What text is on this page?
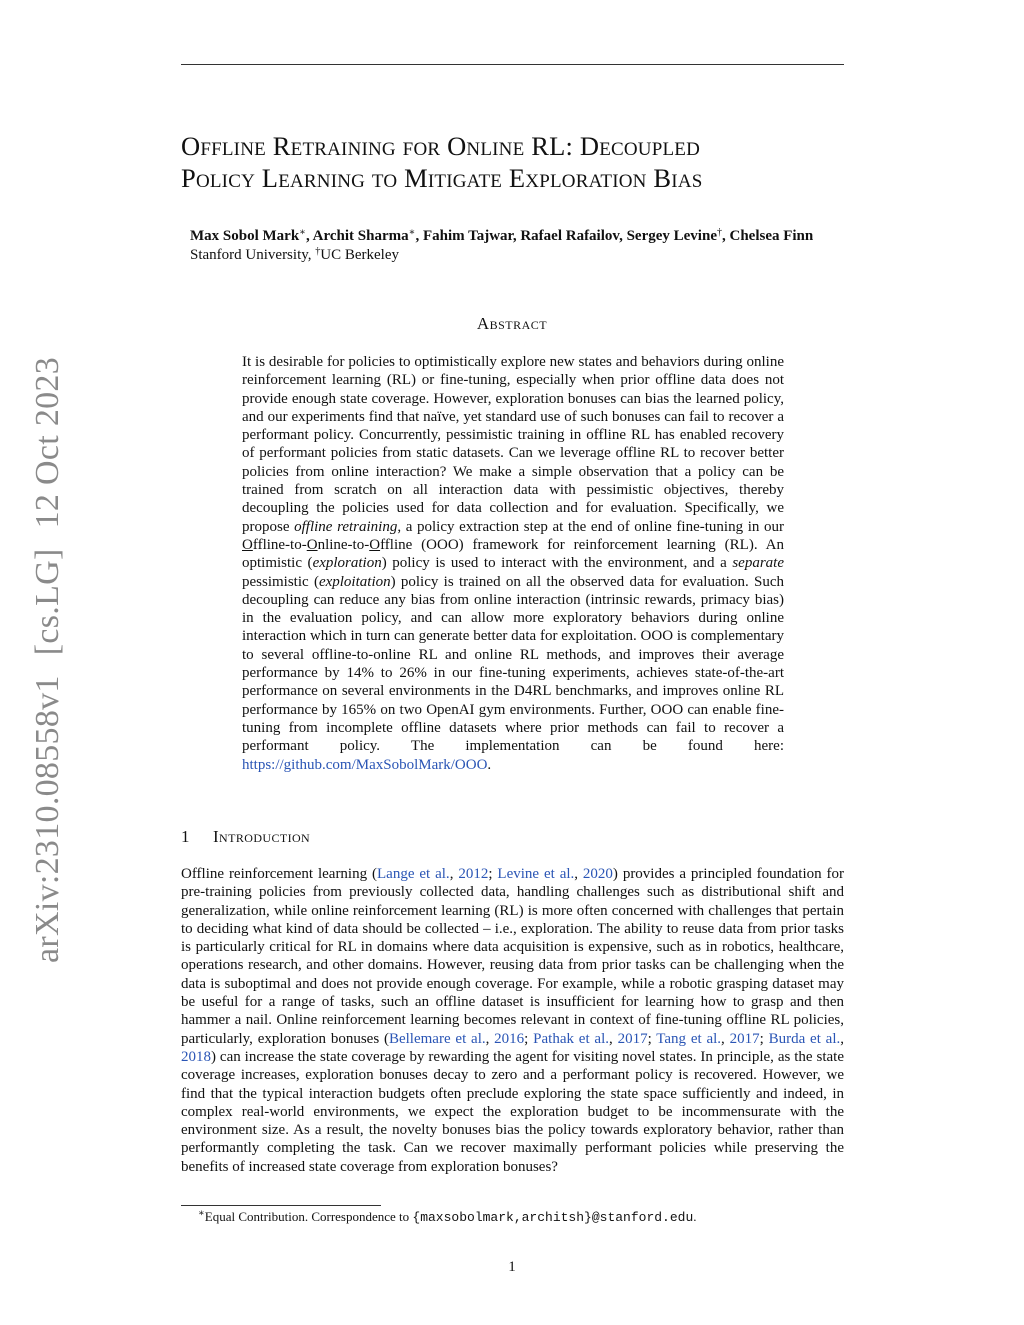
Offline Retraining for Online RL: Decoupled
Policy Learning to Mitigate Exploration Bias
Max Sobol Mark∗, Archit Sharma∗, Fahim Tajwar, Rafael Rafailov, Sergey Levine†, Chelsea Finn
Stanford University, †UC Berkeley
Abstract
It is desirable for policies to optimistically explore new states and behaviors during online reinforcement learning (RL) or fine-tuning, especially when prior offline data does not provide enough state coverage. However, exploration bonuses can bias the learned policy, and our experiments find that naïve, yet standard use of such bonuses can fail to recover a performant policy. Concurrently, pessimistic training in offline RL has enabled recovery of performant policies from static datasets. Can we leverage offline RL to recover better policies from online interaction? We make a simple observation that a policy can be trained from scratch on all interaction data with pessimistic objectives, thereby decoupling the policies used for data collection and for evaluation. Specifically, we propose offline retraining, a policy extraction step at the end of online fine-tuning in our Offline-to-Online-to-Offline (OOO) framework for reinforcement learning (RL). An optimistic (exploration) policy is used to interact with the environment, and a separate pessimistic (exploitation) policy is trained on all the observed data for evaluation. Such decoupling can reduce any bias from online interaction (intrinsic rewards, primacy bias) in the evaluation policy, and can allow more exploratory behaviors during online interaction which in turn can generate better data for exploitation. OOO is complementary to several offline-to-online RL and online RL methods, and improves their average performance by 14% to 26% in our fine-tuning experiments, achieves state-of-the-art performance on several environments in the D4RL benchmarks, and improves online RL performance by 165% on two OpenAI gym environments. Further, OOO can enable fine-tuning from incomplete offline datasets where prior methods can fail to recover a performant policy. The implementation can be found here: https://github.com/MaxSobolMark/OOO.
1 Introduction
Offline reinforcement learning (Lange et al., 2012; Levine et al., 2020) provides a principled foundation for pre-training policies from previously collected data, handling challenges such as distributional shift and generalization, while online reinforcement learning (RL) is more often concerned with challenges that pertain to deciding what kind of data should be collected – i.e., exploration. The ability to reuse data from prior tasks is particularly critical for RL in domains where data acquisition is expensive, such as in robotics, healthcare, operations research, and other domains. However, reusing data from prior tasks can be challenging when the data is suboptimal and does not provide enough coverage. For example, while a robotic grasping dataset may be useful for a range of tasks, such an offline dataset is insufficient for learning how to grasp and then hammer a nail. Online reinforcement learning becomes relevant in context of fine-tuning offline RL policies, particularly, exploration bonuses (Bellemare et al., 2016; Pathak et al., 2017; Tang et al., 2017; Burda et al., 2018) can increase the state coverage by rewarding the agent for visiting novel states. In principle, as the state coverage increases, exploration bonuses decay to zero and a performant policy is recovered. However, we find that the typical interaction budgets often preclude exploring the state space sufficiently and indeed, in complex real-world environments, we expect the exploration budget to be incommensurate with the environment size. As a result, the novelty bonuses bias the policy towards exploratory behavior, rather than performantly completing the task. Can we recover maximally performant policies while preserving the benefits of increased state coverage from exploration bonuses?
∗Equal Contribution. Correspondence to {maxsobolmark,architsh}@stanford.edu.
1
arXiv:2310.08558v1[cs.LG]12 Oct 2023
